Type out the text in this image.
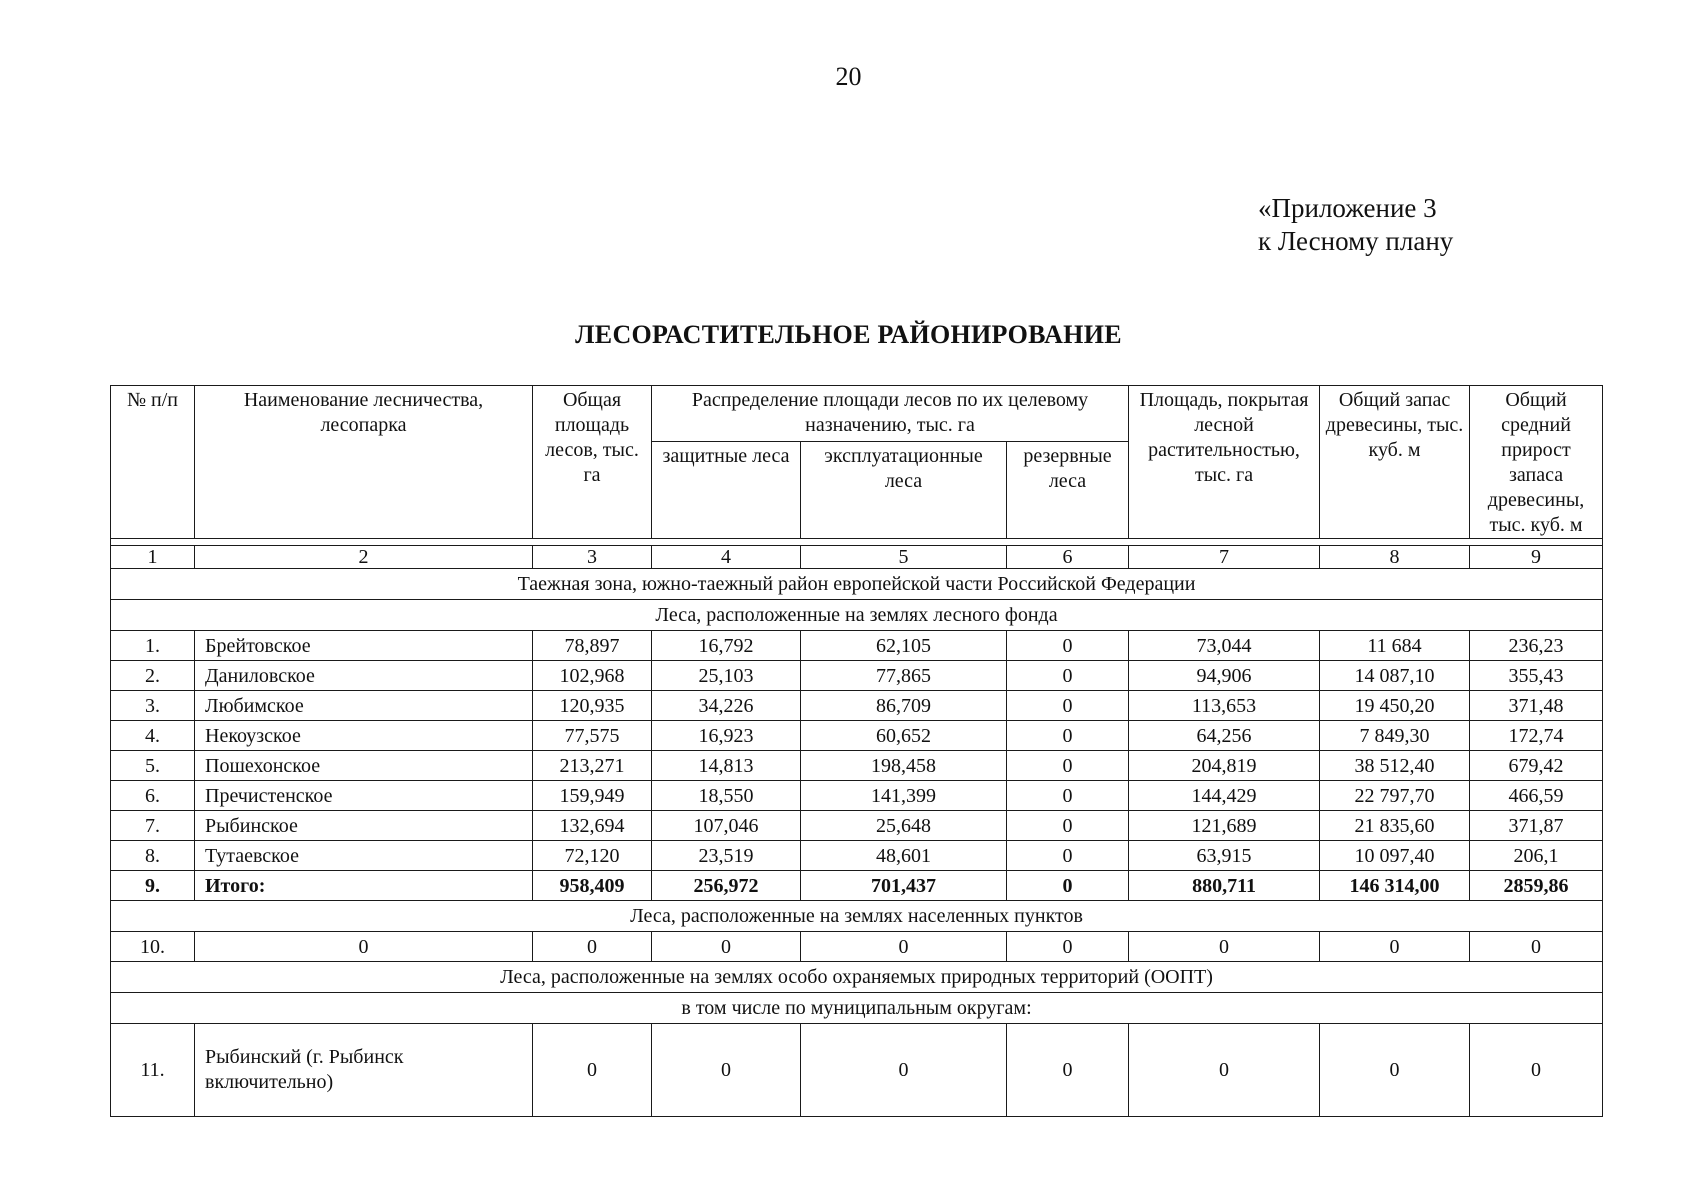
20
«Приложение 3
к Лесному плану
ЛЕСОРАСТИТЕЛЬНОЕ РАЙОНИРОВАНИЕ
№ п/п	Наименование лесничества, лесопарка	Общая площадь лесов, тыс. га	Распределение площади лесов по их целевому назначению, тыс. га			Площадь, покрытая лесной растительностью, тыс. га	Общий запас древесины, тыс. куб. м	Общий средний прирост запаса древесины, тыс. куб. м
			защитные леса	эксплуатационные леса	резервные леса			

1	2	3	4	5	6	7	8	9
Таежная зона, южно-таежный район европейской части Российской Федерации								
Леса, расположенные на землях лесного фонда								
1.	Брейтовское	78,897	16,792	62,105	0	73,044	11 684	236,23
2.	Даниловское	102,968	25,103	77,865	0	94,906	14 087,10	355,43
3.	Любимское	120,935	34,226	86,709	0	113,653	19 450,20	371,48
4.	Некоузское	77,575	16,923	60,652	0	64,256	7 849,30	172,74
5.	Пошехонское	213,271	14,813	198,458	0	204,819	38 512,40	679,42
6.	Пречистенское	159,949	18,550	141,399	0	144,429	22 797,70	466,59
7.	Рыбинское	132,694	107,046	25,648	0	121,689	21 835,60	371,87
8.	Тутаевское	72,120	23,519	48,601	0	63,915	10 097,40	206,1
9.	Итого:	958,409	256,972	701,437	0	880,711	146 314,00	2859,86
Леса, расположенные на землях населенных пунктов								
10.	0	0	0	0	0	0	0	0
Леса, расположенные на землях особо охраняемых природных территорий (ООПТ)								
в том числе по муниципальным округам:								
11.	Рыбинский (г. Рыбинск включительно)	0	0	0	0	0	0	0
